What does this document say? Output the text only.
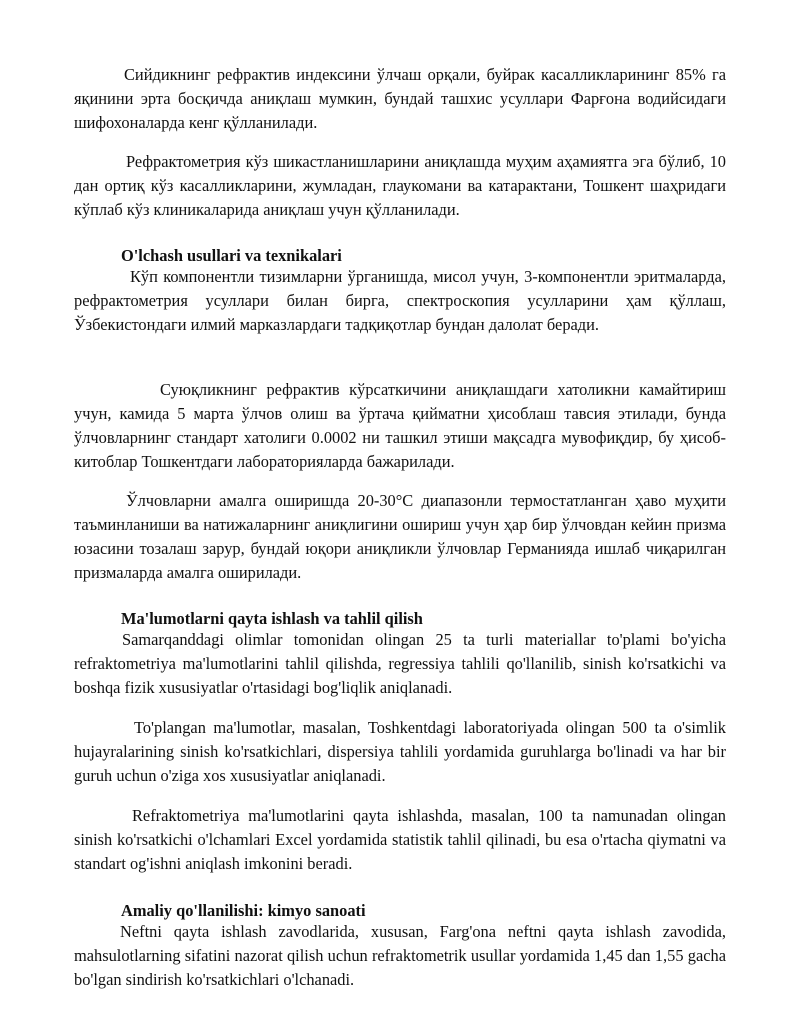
Сийдикнинг рефрактив индексини ўлчаш орқали, буйрак касалликларининг 85% га яқинини эрта босқичда аниқлаш мумкин, бундай ташхис усуллари Фарғона водийсидаги шифохоналарда кенг қўлланилади.

Рефрактометрия кўз шикастланишларини аниқлашда муҳим аҳамиятга эга бўлиб, 10 дан ортиқ кўз касалликларини, жумладан, глаукомани ва катарактани, Тошкент шаҳридаги кўплаб кўз клиникаларида аниқлаш учун қўлланилади.

O'lchash usullari va texnikalari

Кўп компонентли тизимларни ўрганишда, мисол учун, 3-компонентли эритмаларда, рефрактометрия усуллари билан бирга, спектроскопия усулларини ҳам қўллаш, Ўзбекистондаги илмий марказлардаги тадқиқотлар бундан далолат беради.

Суюқликнинг рефрактив кўрсаткичини аниқлашдаги хатоликни камайтириш учун, камида 5 марта ўлчов олиш ва ўртача қийматни ҳисоблаш тавсия этилади, бунда ўлчовларнинг стандарт хатолиги 0.0002 ни ташкил этиши мақсадга мувофиқдир, бу ҳисоб-китоблар Тошкентдаги лабораторияларда бажарилади.

Ўлчовларни амалга оширишда 20-30°C диапазонли термостатланган ҳаво муҳити таъминланиши ва натижаларнинг аниқлигини ошириш учун ҳар бир ўлчовдан кейин призма юзасини тозалаш зарур, бундай юқори аниқликли ўлчовлар Германияда ишлаб чиқарилган призмаларда амалга оширилади.

Ma'lumotlarni qayta ishlash va tahlil qilish

Samarqanddagi olimlar tomonidan olingan 25 ta turli materiallar to'plami bo'yicha refraktometriya ma'lumotlarini tahlil qilishda, regressiya tahlili qo'llanilib, sinish ko'rsatkichi va boshqa fizik xususiyatlar o'rtasidagi bog'liqlik aniqlanadi.

To'plangan ma'lumotlar, masalan, Toshkentdagi laboratoriyada olingan 500 ta o'simlik hujayralarining sinish ko'rsatkichlari, dispersiya tahlili yordamida guruhlarga bo'linadi va har bir guruh uchun o'ziga xos xususiyatlar aniqlanadi.

Refraktometriya ma'lumotlarini qayta ishlashda, masalan, 100 ta namunadan olingan sinish ko'rsatkichi o'lchamlari Excel yordamida statistik tahlil qilinadi, bu esa o'rtacha qiymatni va standart og'ishni aniqlash imkonini beradi.

Amaliy qo'llanilishi: kimyo sanoati

Neftni qayta ishlash zavodlarida, xususan, Farg'ona neftni qayta ishlash zavodida, mahsulotlarning sifatini nazorat qilish uchun refraktometrik usullar yordamida 1,45 dan 1,55 gacha bo'lgan sindirish ko'rsatkichlari o'lchanadi.
